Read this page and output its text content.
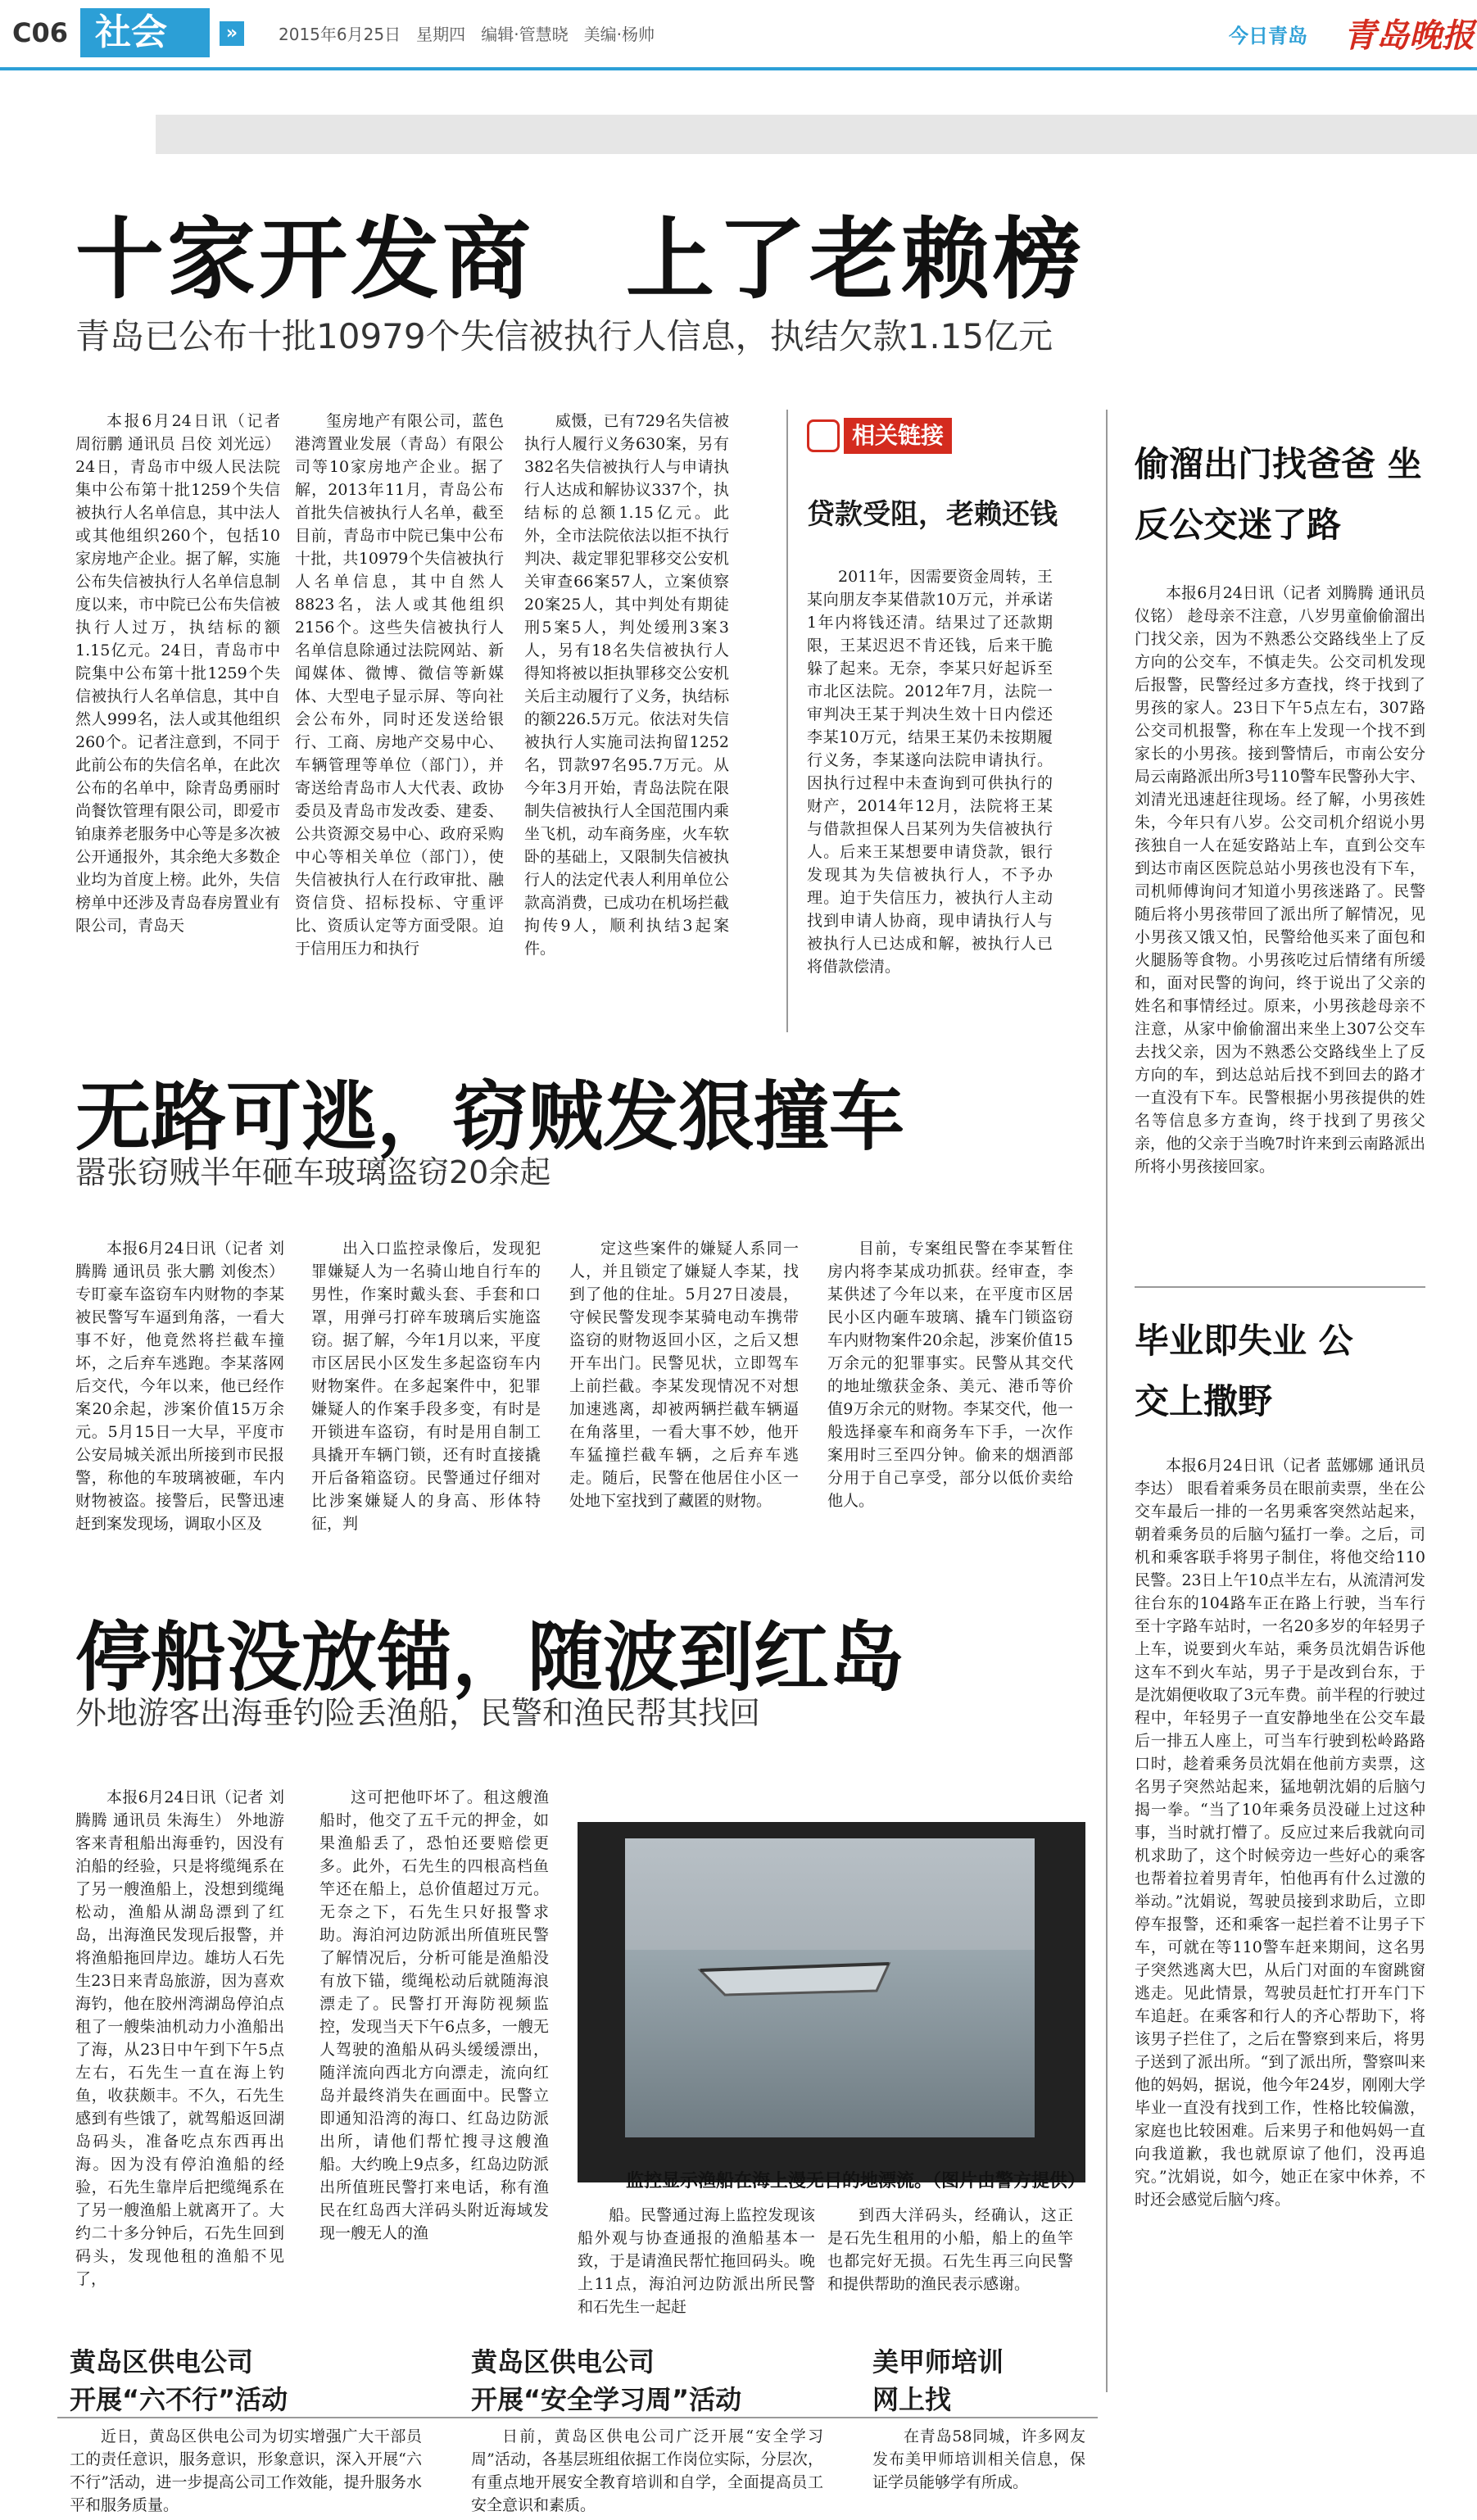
C06 社会	»	2015年6月25日   星期四   编辑·管慧晓   美编·杨帅	今日青岛 青岛晚报
十家开发商　上了老赖榜
青岛已公布十批10979个失信被执行人信息，执结欠款1.15亿元

本报6月24日讯（记者 周衍鹏 通讯员 吕佼 刘光远） 24日，青岛市中级人民法院集中公布第十批1259个失信被执行人名单信息，其中法人或其他组织260个，包括10家房地产企业。据了解，实施公布失信被执行人名单信息制度以来，市中院已公布失信被执行人过万，执结标的额1.15亿元。24日，青岛市中院集中公布第十批1259个失信被执行人名单信息，其中自然人999名，法人或其他组织260个。记者注意到，不同于此前公布的失信名单，在此次公布的名单中，除青岛勇丽时尚餐饮管理有限公司，即爱市铂康养老服务中心等是多次被公开通报外，其余绝大多数企业均为首度上榜。此外，失信榜单中还涉及青岛春房置业有限公司，青岛天

玺房地产有限公司，蓝色港湾置业发展（青岛）有限公司等10家房地产企业。据了解，2013年11月，青岛公布首批失信被执行人名单，截至目前，青岛市中院已集中公布十批，共10979个失信被执行人名单信息，其中自然人8823名，法人或其他组织2156个。这些失信被执行人名单信息除通过法院网站、新闻媒体、微博、微信等新媒体、大型电子显示屏、等向社会公布外，同时还发送给银行、工商、房地产交易中心、车辆管理等单位（部门），并寄送给青岛市人大代表、政协委员及青岛市发改委、建委、公共资源交易中心、政府采购中心等相关单位（部门），使失信被执行人在行政审批、融资信贷、招标投标、守重评比、资质认定等方面受限。迫于信用压力和执行

威慑，已有729名失信被执行人履行义务630案，另有382名失信被执行人与申请执行人达成和解协议337个，执结标的总额1.15亿元。此外，全市法院依法以拒不执行判决、裁定罪犯罪移交公安机关审查66案57人，立案侦察20案25人，其中判处有期徒刑5案5人，判处缓刑3案3人，另有18名失信被执行人得知将被以拒执罪移交公安机关后主动履行了义务，执结标的额226.5万元。依法对失信被执行人实施司法拘留1252名，罚款97名95.7万元。从今年3月开始，青岛法院在限制失信被执行人全国范围内乘坐飞机，动车商务座，火车软卧的基础上，又限制失信被执行人的法定代表人利用单位公款高消费，已成功在机场拦截拘传9人，顺利执结3起案件。

相关链接
贷款受阻，老赖还钱

2011年，因需要资金周转，王某向朋友李某借款10万元，并承诺1年内将钱还清。结果过了还款期限，王某迟迟不肯还钱，后来干脆躲了起来。无奈，李某只好起诉至市北区法院。2012年7月，法院一审判决王某于判决生效十日内偿还李某10万元，结果王某仍未按期履行义务，李某遂向法院申请执行。因执行过程中未查询到可供执行的财产，2014年12月，法院将王某与借款担保人吕某列为失信被执行人。后来王某想要申请贷款，银行发现其为失信被执行人，不予办理。迫于失信压力，被执行人主动找到申请人协商，现申请执行人与被执行人已达成和解，被执行人已将借款偿清。

偷溜出门找爸爸 坐反公交迷了路

本报6月24日讯（记者 刘腾腾 通讯员 仪铭） 趁母亲不注意，八岁男童偷偷溜出门找父亲，因为不熟悉公交路线坐上了反方向的公交车，不慎走失。公交司机发现后报警，民警经过多方查找，终于找到了男孩的家人。23日下午5点左右，307路公交司机报警，称在车上发现一个找不到家长的小男孩。接到警情后，市南公安分局云南路派出所3号110警车民警孙大宇、刘清光迅速赶往现场。经了解，小男孩姓朱，今年只有八岁。公交司机介绍说小男孩独自一人在延安路站上车，直到公交车到达市南区医院总站小男孩也没有下车，司机师傅询问才知道小男孩迷路了。民警随后将小男孩带回了派出所了解情况，见小男孩又饿又怕，民警给他买来了面包和火腿肠等食物。小男孩吃过后情绪有所缓和，面对民警的询问，终于说出了父亲的姓名和事情经过。原来，小男孩趁母亲不注意，从家中偷偷溜出来坐上307公交车去找父亲，因为不熟悉公交路线坐上了反方向的车，到达总站后找不到回去的路才一直没有下车。民警根据小男孩提供的姓名等信息多方查询，终于找到了男孩父亲，他的父亲于当晚7时许来到云南路派出所将小男孩接回家。

毕业即失业 公交上撒野

本报6月24日讯（记者 蓝娜娜 通讯员 李达） 眼看着乘务员在眼前卖票，坐在公交车最后一排的一名男乘客突然站起来，朝着乘务员的后脑勺猛打一拳。之后，司机和乘客联手将男子制住，将他交给110民警。23日上午10点半左右，从流清河发往台东的104路车正在路上行驶，当车行至十字路车站时，一名20多岁的年轻男子上车，说要到火车站，乘务员沈娟告诉他这车不到火车站，男子于是改到台东，于是沈娟便收取了3元车费。前半程的行驶过程中，年轻男子一直安静地坐在公交车最后一排五人座上，可当车行驶到松岭路路口时，趁着乘务员沈娟在他前方卖票，这名男子突然站起来，猛地朝沈娟的后脑勺揭一拳。“当了10年乘务员没碰上过这种事，当时就打懵了。反应过来后我就向司机求助了，这个时候旁边一些好心的乘客也帮着拉着男青年，怕他再有什么过激的举动。”沈娟说，驾驶员接到求助后，立即停车报警，还和乘客一起拦着不让男子下车，可就在等110警车赶来期间，这名男子突然逃离大巴，从后门对面的车窗跳窗逃走。见此情景，驾驶员赶忙打开车门下车追赶。在乘客和行人的齐心帮助下，将该男子拦住了，之后在警察到来后，将男子送到了派出所。“到了派出所，警察叫来他的妈妈，据说，他今年24岁，刚刚大学毕业一直没有找到工作，性格比较偏激，家庭也比较困难。后来男子和他妈妈一直向我道歉，我也就原谅了他们，没再追究。”沈娟说，如今，她正在家中休养，不时还会感觉后脑勺疼。

无路可逃，窃贼发狠撞车
嚣张窃贼半年砸车玻璃盗窃20余起

本报6月24日讯（记者 刘腾腾 通讯员 张大鹏 刘俊杰） 专盯豪车盗窃车内财物的李某被民警写车逼到角落，一看大事不好，他竟然将拦截车撞坏，之后弃车逃跑。李某落网后交代，今年以来，他已经作案20余起，涉案价值15万余元。5月15日一大早，平度市公安局城关派出所接到市民报警，称他的车玻璃被砸，车内财物被盗。接警后，民警迅速赶到案发现场，调取小区及

出入口监控录像后，发现犯罪嫌疑人为一名骑山地自行车的男性，作案时戴头套、手套和口罩，用弹弓打碎车玻璃后实施盗窃。据了解，今年1月以来，平度市区居民小区发生多起盗窃车内财物案件。在多起案件中，犯罪嫌疑人的作案手段多变，有时是开锁进车盗窃，有时是用自制工具撬开车辆门锁，还有时直接撬开后备箱盗窃。民警通过仔细对比涉案嫌疑人的身高、形体特征，判

定这些案件的嫌疑人系同一人，并且锁定了嫌疑人李某，找到了他的住址。5月27日凌晨，守候民警发现李某骑电动车携带盗窃的财物返回小区，之后又想开车出门。民警见状，立即驾车上前拦截。李某发现情况不对想加速逃离，却被两辆拦截车辆逼在角落里，一看大事不妙，他开车猛撞拦截车辆，之后弃车逃走。随后，民警在他居住小区一处地下室找到了藏匿的财物。

目前，专案组民警在李某暂住房内将李某成功抓获。经审查，李某供述了今年以来，在平度市区居民小区内砸车玻璃、撬车门锁盗窃车内财物案件20余起，涉案价值15万余元的犯罪事实。民警从其交代的地址缴获金条、美元、港币等价值9万余元的财物。李某交代，他一般选择豪车和商务车下手，一次作案用时三至四分钟。偷来的烟酒部分用于自己享受，部分以低价卖给他人。

停船没放锚，随波到红岛
外地游客出海垂钓险丢渔船，民警和渔民帮其找回

本报6月24日讯（记者 刘腾腾 通讯员 朱海生） 外地游客来青租船出海垂钓，因没有泊船的经验，只是将缆绳系在了另一艘渔船上，没想到缆绳松动，渔船从湖岛漂到了红岛，出海渔民发现后报警，并将渔船拖回岸边。雄坊人石先生23日来青岛旅游，因为喜欢海钓，他在胶州湾湖岛停泊点租了一艘柴油机动力小渔船出了海，从23日中午到下午5点左右，石先生一直在海上钓鱼，收获颇丰。不久，石先生感到有些饿了，就驾船返回湖岛码头，准备吃点东西再出海。因为没有停泊渔船的经验，石先生靠岸后把缆绳系在了另一艘渔船上就离开了。大约二十多分钟后，石先生回到码头，发现他租的渔船不见了，

这可把他吓坏了。租这艘渔船时，他交了五千元的押金，如果渔船丢了，恐怕还要赔偿更多。此外，石先生的四根高档鱼竿还在船上，总价值超过万元。无奈之下，石先生只好报警求助。海泊河边防派出所值班民警了解情况后，分析可能是渔船没有放下锚，缆绳松动后就随海浪漂走了。民警打开海防视频监控，发现当天下午6点多，一艘无人驾驶的渔船从码头缓缓漂出，随洋流向西北方向漂走，流向红岛并最终消失在画面中。民警立即通知沿湾的海口、红岛边防派出所，请他们帮忙搜寻这艘渔船。大约晚上9点多，红岛边防派出所值班民警打来电话，称有渔民在红岛西大洋码头附近海域发现一艘无人的渔

监控显示渔船在海上漫无目的地漂流。（图片由警方提供）

船。民警通过海上监控发现该船外观与协查通报的渔船基本一致，于是请渔民帮忙拖回码头。晚上11点，海泊河边防派出所民警和石先生一起赶

到西大洋码头，经确认，这正是石先生租用的小船，船上的鱼竿也都完好无损。石先生再三向民警和提供帮助的渔民表示感谢。

黄岛区供电公司
开展“六不行”活动

近日，黄岛区供电公司为切实增强广大干部员工的责任意识，服务意识，形象意识，深入开展“六不行”活动，进一步提高公司工作效能，提升服务水平和服务质量。

黄岛区供电公司
开展“安全学习周”活动

日前，黄岛区供电公司广泛开展“安全学习周”活动，各基层班组依据工作岗位实际，分层次，有重点地开展安全教育培训和自学，全面提高员工安全意识和素质。

美甲师培训
网上找

在青岛58同城，许多网友发布美甲师培训相关信息，保证学员能够学有所成。
